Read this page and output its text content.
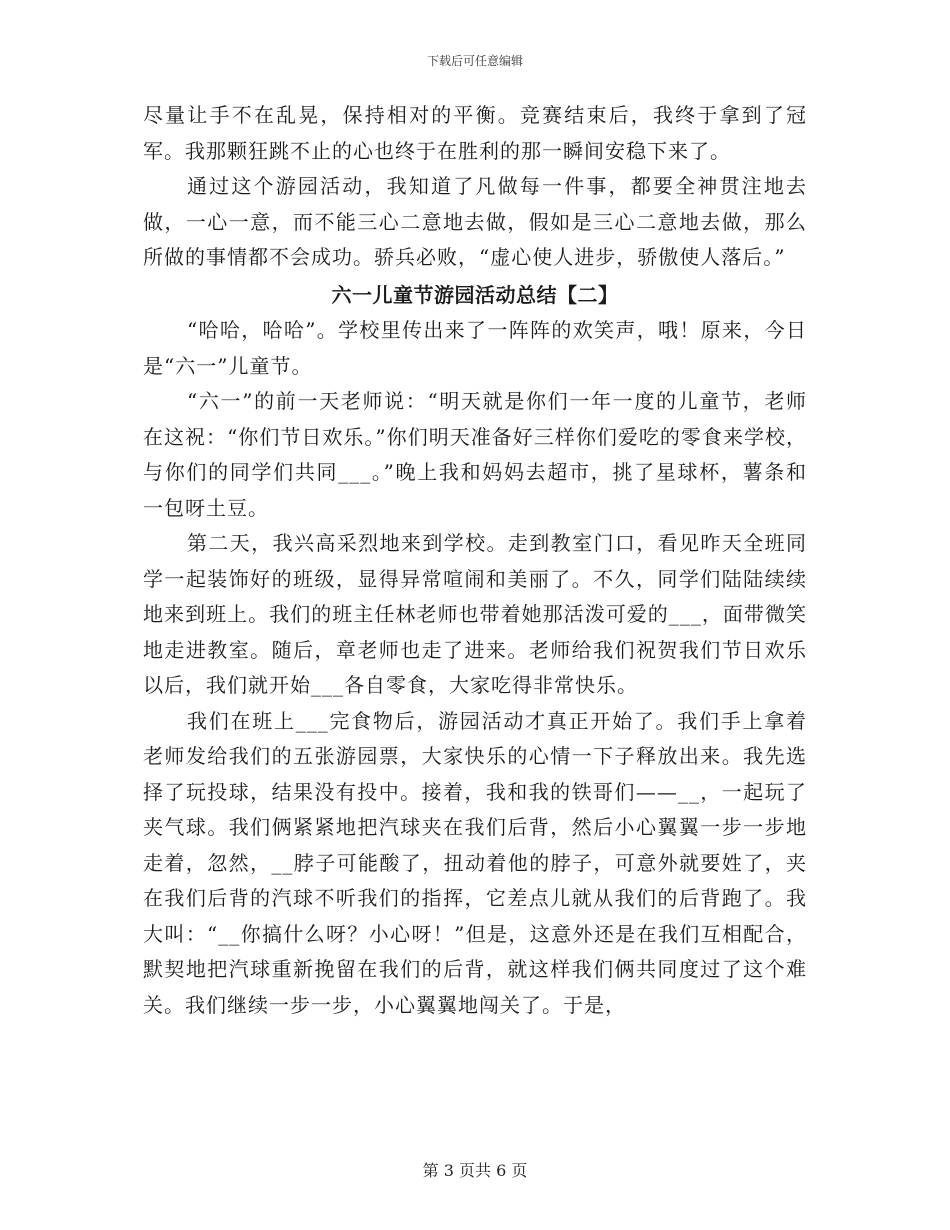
下载后可任意编辑

尽量让手不在乱晃，保持相对的平衡。竞赛结束后，我终于拿到了冠军。我那颗狂跳不止的心也终于在胜利的那一瞬间安稳下来了。

通过这个游园活动，我知道了凡做每一件事，都要全神贯注地去做，一心一意，而不能三心二意地去做，假如是三心二意地去做，那么所做的事情都不会成功。骄兵必败，“虚心使人进步，骄傲使人落后。”

六一儿童节游园活动总结【二】

“哈哈，哈哈”。学校里传出来了一阵阵的欢笑声，哦！原来，今日是“六一”儿童节。

“六一”的前一天老师说：“明天就是你们一年一度的儿童节，老师在这祝：“你们节日欢乐。”你们明天准备好三样你们爱吃的零食来学校，与你们的同学们共同___。”晚上我和妈妈去超市，挑了星球杯，薯条和一包呀土豆。

第二天，我兴高采烈地来到学校。走到教室门口，看见昨天全班同学一起装饰好的班级，显得异常喧闹和美丽了。不久，同学们陆陆续续地来到班上。我们的班主任林老师也带着她那活泼可爱的___，面带微笑地走进教室。随后，章老师也走了进来。老师给我们祝贺我们节日欢乐以后，我们就开始___各自零食，大家吃得非常快乐。

我们在班上___完食物后，游园活动才真正开始了。我们手上拿着老师发给我们的五张游园票，大家快乐的心情一下子释放出来。我先选择了玩投球，结果没有投中。接着，我和我的铁哥们——__，一起玩了夹气球。我们俩紧紧地把汽球夹在我们后背，然后小心翼翼一步一步地走着，忽然，__脖子可能酸了，扭动着他的脖子，可意外就要姓了，夹在我们后背的汽球不听我们的指挥，它差点儿就从我们的后背跑了。我大叫：“__你搞什么呀？小心呀！”但是，这意外还是在我们互相配合，默契地把汽球重新挽留在我们的后背，就这样我们俩共同度过了这个难关。我们继续一步一步，小心翼翼地闯关了。于是，

第 3 页共 6 页
